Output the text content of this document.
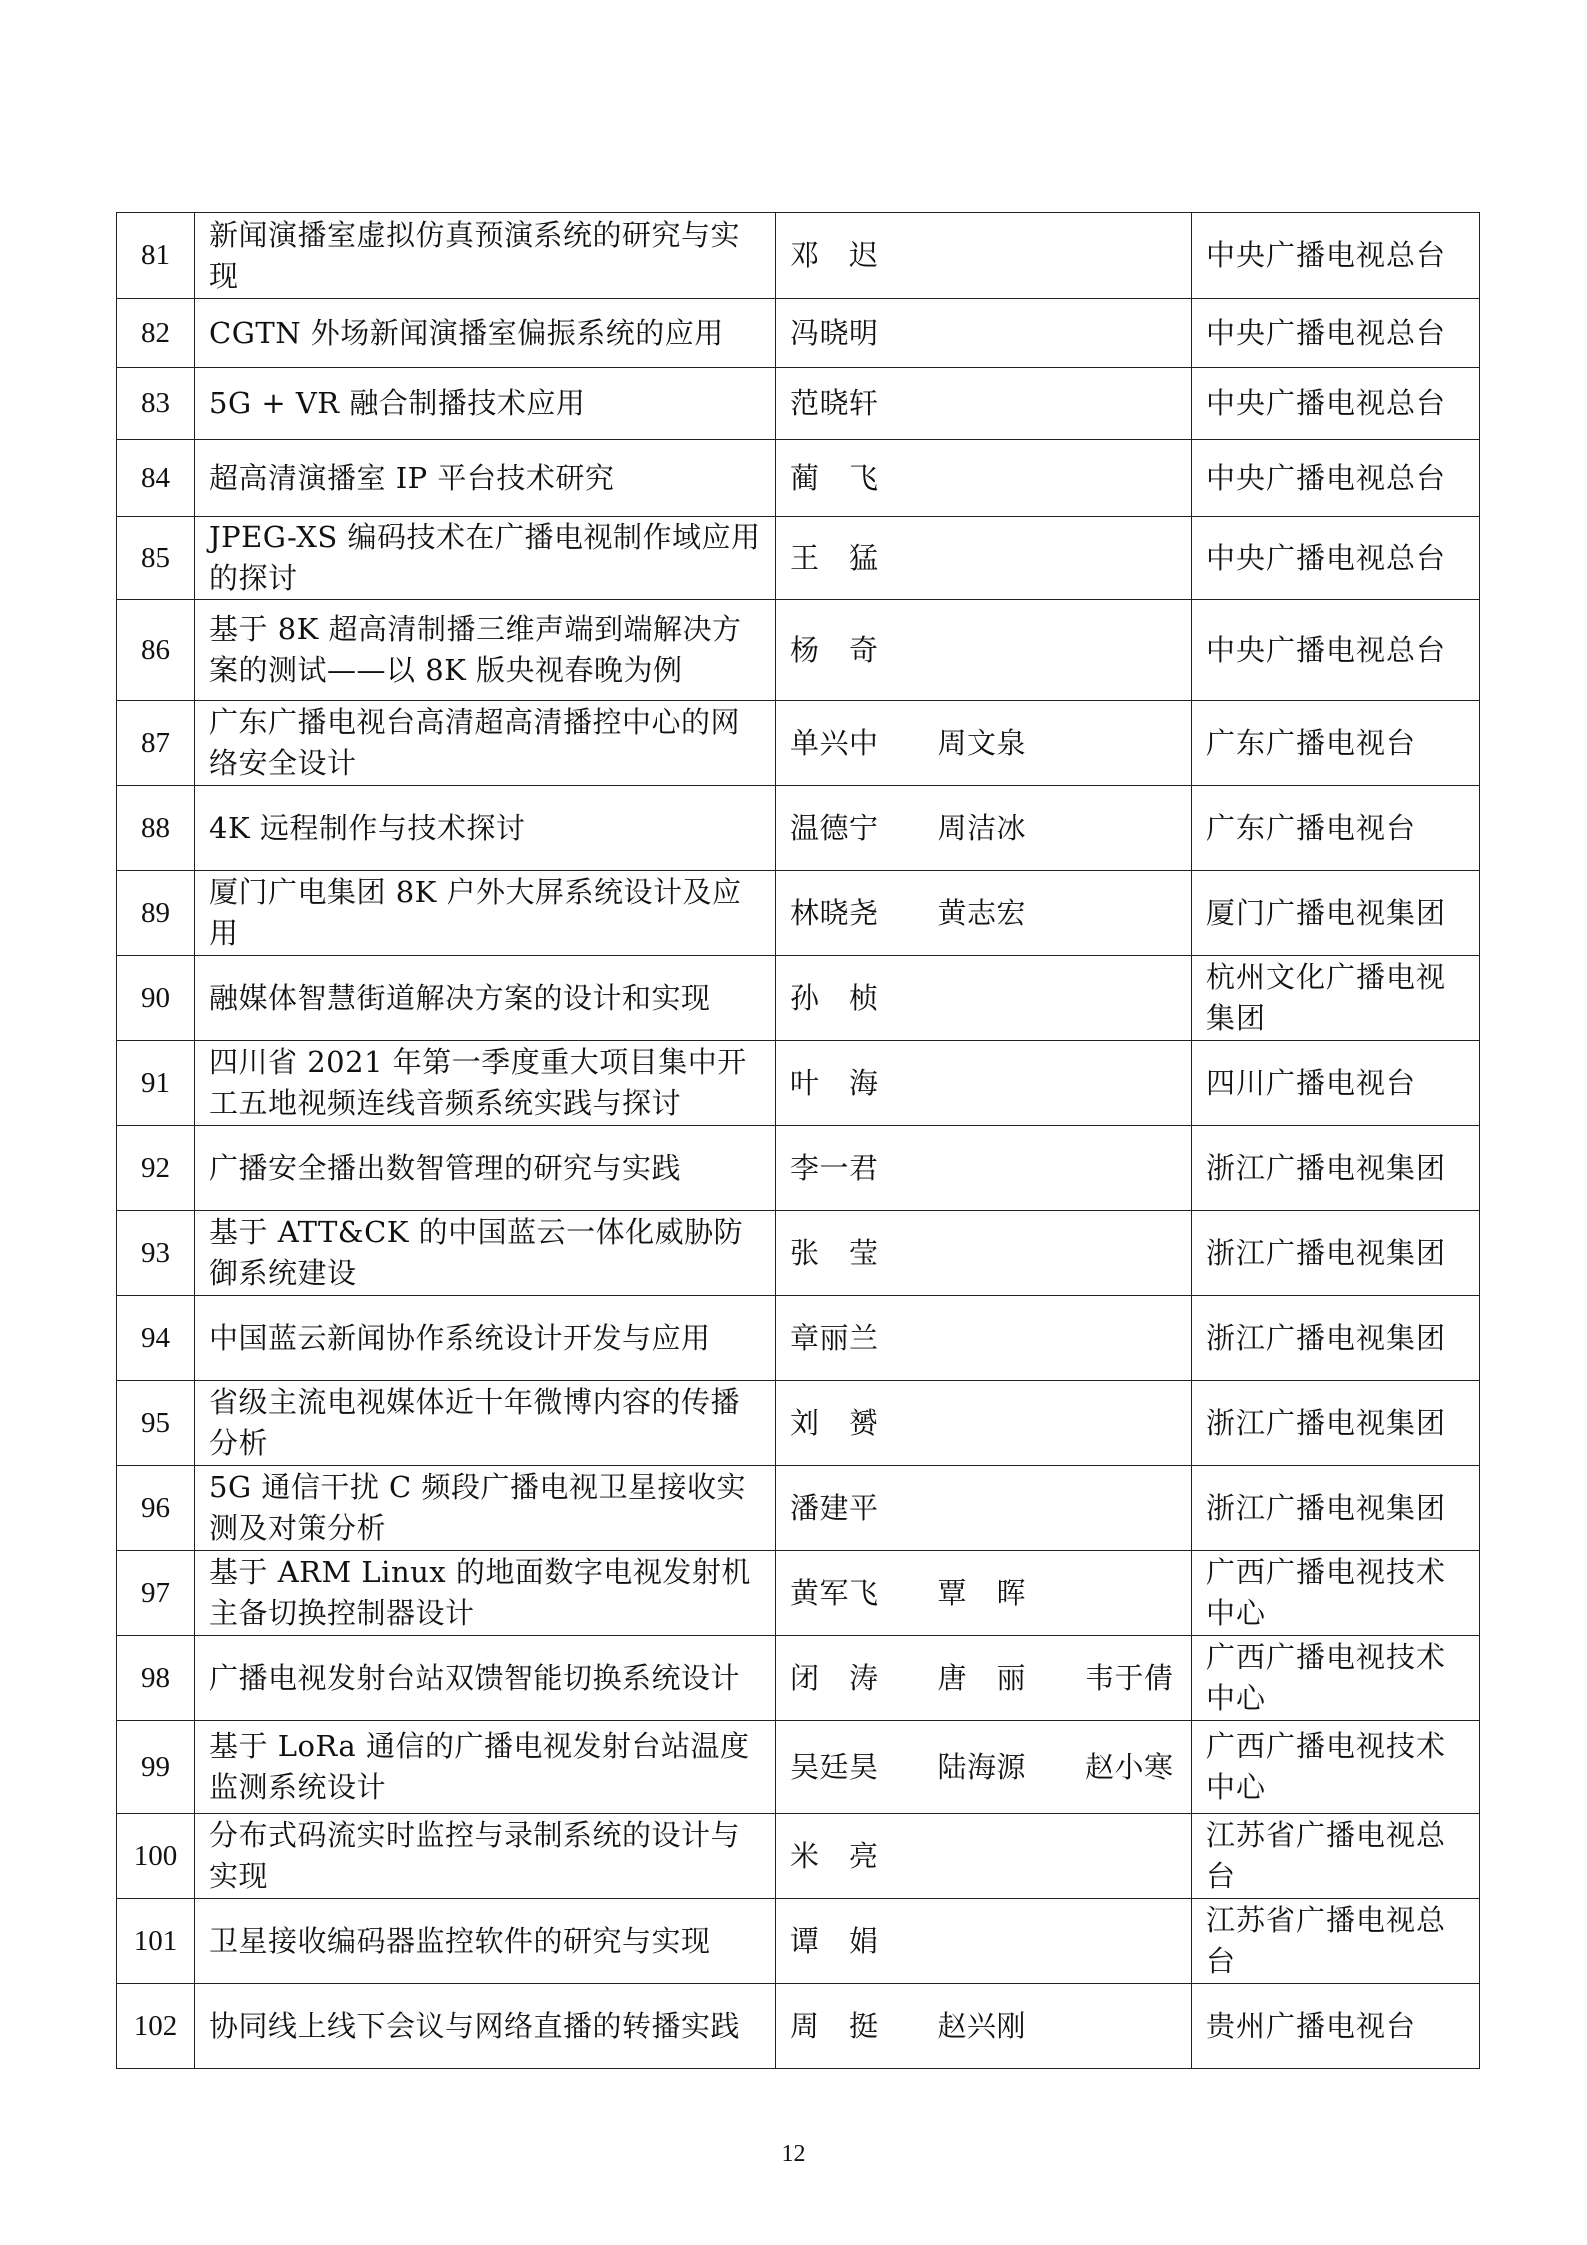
81	新闻演播室虚拟仿真预演系统的研究与实现	邓　迟	中央广播电视总台
82	CGTN 外场新闻演播室偏振系统的应用	冯晓明	中央广播电视总台
83	5G + VR 融合制播技术应用	范晓轩	中央广播电视总台
84	超高清演播室 IP 平台技术研究	蔺　飞	中央广播电视总台
85	JPEG-XS 编码技术在广播电视制作域应用的探讨	王　猛	中央广播电视总台
86	基于 8K 超高清制播三维声端到端解决方案的测试——以 8K 版央视春晚为例	杨　奇	中央广播电视总台
87	广东广播电视台高清超高清播控中心的网络安全设计	单兴中　　周文泉	广东广播电视台
88	4K 远程制作与技术探讨	温德宁　　周洁冰	广东广播电视台
89	厦门广电集团 8K 户外大屏系统设计及应用	林晓尧　　黄志宏	厦门广播电视集团
90	融媒体智慧街道解决方案的设计和实现	孙　桢	杭州文化广播电视集团
91	四川省 2021 年第一季度重大项目集中开工五地视频连线音频系统实践与探讨	叶　海	四川广播电视台
92	广播安全播出数智管理的研究与实践	李一君	浙江广播电视集团
93	基于 ATT&CK 的中国蓝云一体化威胁防御系统建设	张　莹	浙江广播电视集团
94	中国蓝云新闻协作系统设计开发与应用	章丽兰	浙江广播电视集团
95	省级主流电视媒体近十年微博内容的传播分析	刘　赟	浙江广播电视集团
96	5G 通信干扰 C 频段广播电视卫星接收实测及对策分析	潘建平	浙江广播电视集团
97	基于 ARM Linux 的地面数字电视发射机主备切换控制器设计	黄军飞　　覃　晖	广西广播电视技术中心
98	广播电视发射台站双馈智能切换系统设计	闭　涛　　唐　丽　　韦于倩	广西广播电视技术中心
99	基于 LoRa 通信的广播电视发射台站温度监测系统设计	吴廷昊　　陆海源　　赵小寒	广西广播电视技术中心
100	分布式码流实时监控与录制系统的设计与实现	米　亮	江苏省广播电视总台
101	卫星接收编码器监控软件的研究与实现	谭　娟	江苏省广播电视总台
102	协同线上线下会议与网络直播的转播实践	周　挺　　赵兴刚	贵州广播电视台
12
